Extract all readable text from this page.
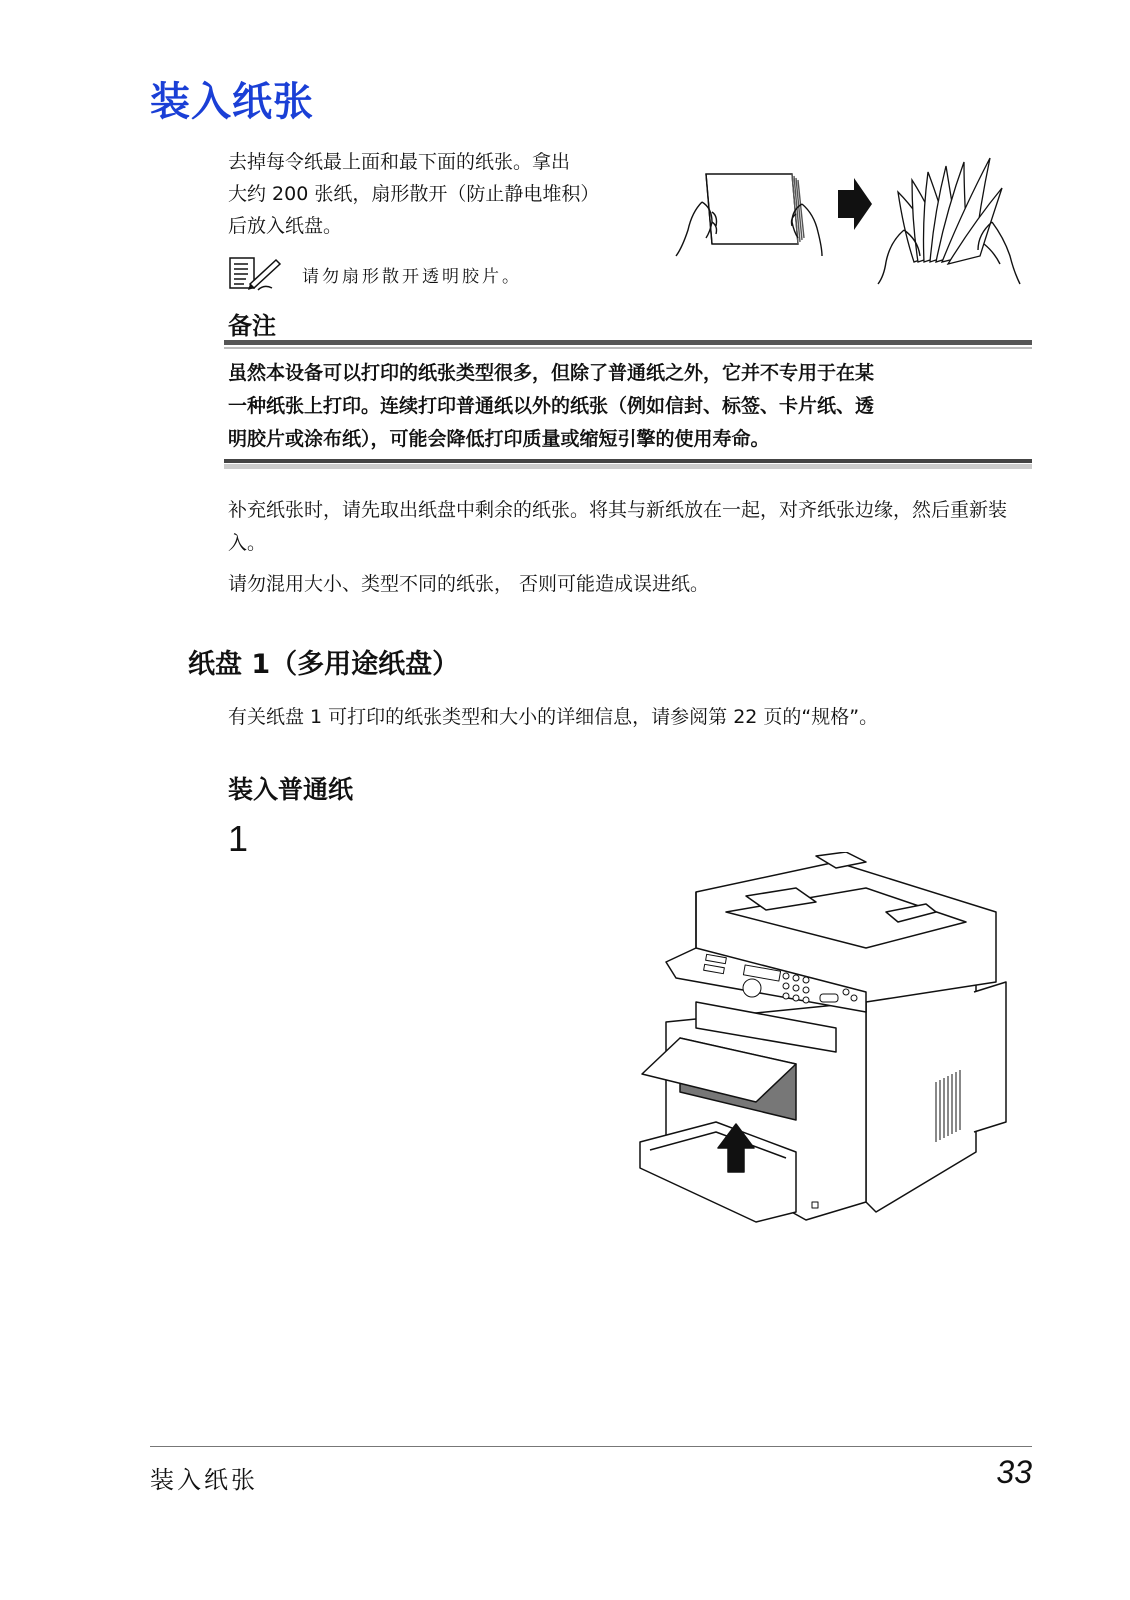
装入纸张

去掉每令纸最上面和最下面的纸张。拿出

大约 200 张纸，扇形散开（防止静电堆积）

后放入纸盘。

请勿扇形散开透明胶片。
备注

虽然本设备可以打印的纸张类型很多，但除了普通纸之外，它并不专用于在某

一种纸张上打印。连续打印普通纸以外的纸张（例如信封、标签、卡片纸、透

明胶片或涂布纸），可能会降低打印质量或缩短引擎的使用寿命。

补充纸张时，请先取出纸盘中剩余的纸张。将其与新纸放在一起，对齐纸张边缘，然后重新装入。

请勿混用大小、类型不同的纸张， 否则可能造成误进纸。

纸盘 1（多用途纸盘）
有关纸盘 1 可打印的纸张类型和大小的详细信息，请参阅第 22 页的“规格”。
装入普通纸
1
装入纸张	33
